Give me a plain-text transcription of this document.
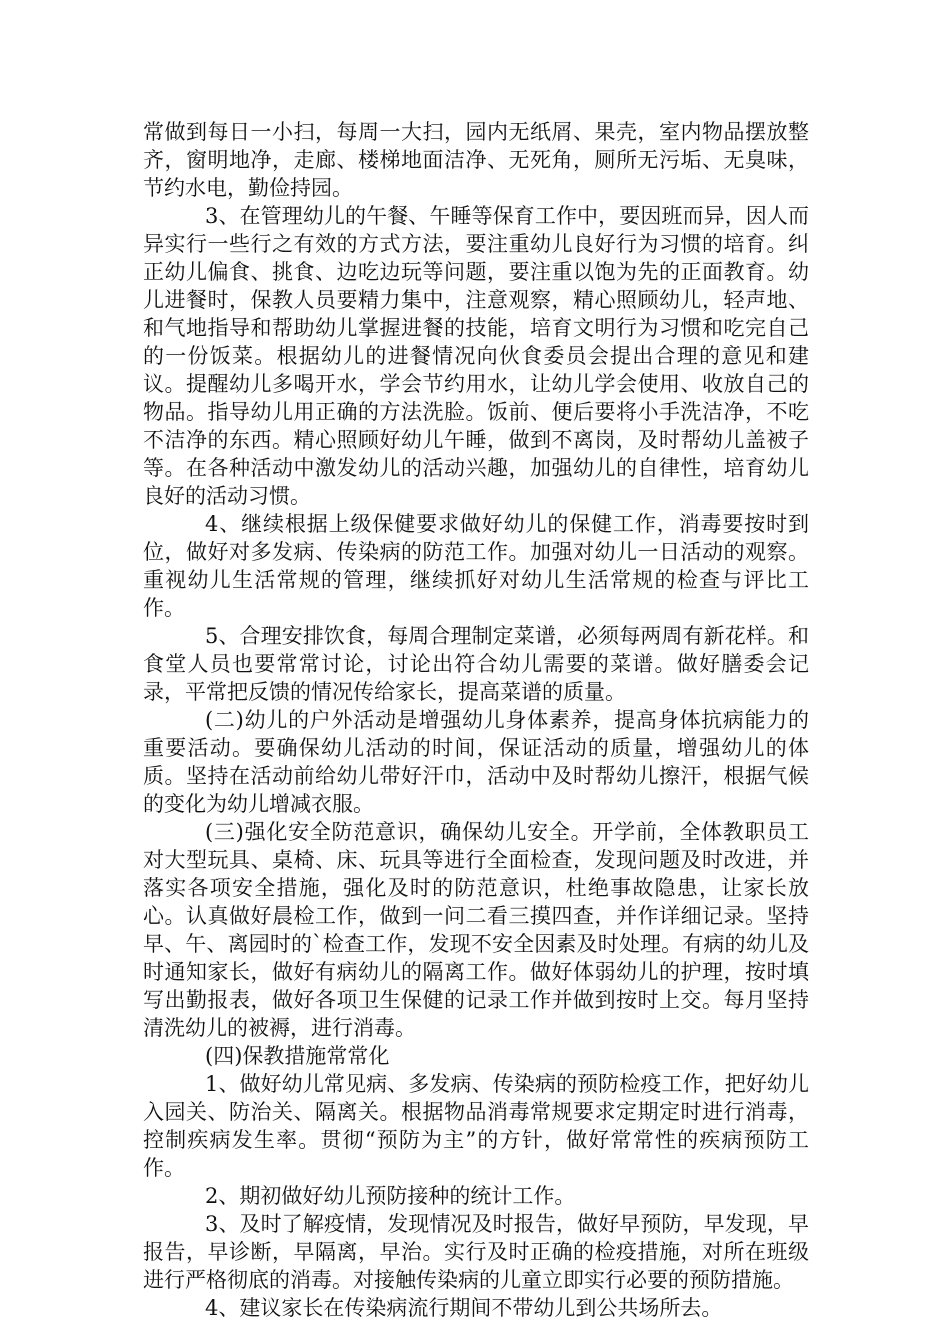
常做到每日一小扫，每周一大扫，园内无纸屑、果壳，室内物品摆放整齐，窗明地净，走廊、楼梯地面洁净、无死角，厕所无污垢、无臭味，节约水电，勤俭持园。

3、在管理幼儿的午餐、午睡等保育工作中，要因班而异，因人而异实行一些行之有效的方式方法，要注重幼儿良好行为习惯的培育。纠正幼儿偏食、挑食、边吃边玩等问题，要注重以饱为先的正面教育。幼儿进餐时，保教人员要精力集中，注意观察，精心照顾幼儿，轻声地、和气地指导和帮助幼儿掌握进餐的技能，培育文明行为习惯和吃完自己的一份饭菜。根据幼儿的进餐情况向伙食委员会提出合理的意见和建议。提醒幼儿多喝开水，学会节约用水，让幼儿学会使用、收放自己的物品。指导幼儿用正确的方法洗脸。饭前、便后要将小手洗洁净，不吃不洁净的东西。精心照顾好幼儿午睡，做到不离岗，及时帮幼儿盖被子等。在各种活动中激发幼儿的活动兴趣，加强幼儿的自律性，培育幼儿良好的活动习惯。

4、继续根据上级保健要求做好幼儿的保健工作，消毒要按时到位，做好对多发病、传染病的防范工作。加强对幼儿一日活动的观察。重视幼儿生活常规的管理，继续抓好对幼儿生活常规的检查与评比工作。

5、合理安排饮食，每周合理制定菜谱，必须每两周有新花样。和食堂人员也要常常讨论，讨论出符合幼儿需要的菜谱。做好膳委会记录，平常把反馈的情况传给家长，提高菜谱的质量。

(二)幼儿的户外活动是增强幼儿身体素养，提高身体抗病能力的重要活动。要确保幼儿活动的时间，保证活动的质量，增强幼儿的体质。坚持在活动前给幼儿带好汗巾，活动中及时帮幼儿擦汗，根据气候的变化为幼儿增减衣服。

(三)强化安全防范意识，确保幼儿安全。开学前，全体教职员工对大型玩具、桌椅、床、玩具等进行全面检查，发现问题及时改进，并落实各项安全措施，强化及时的防范意识，杜绝事故隐患，让家长放心。认真做好晨检工作，做到一问二看三摸四查，并作详细记录。坚持早、午、离园时的`检查工作，发现不安全因素及时处理。有病的幼儿及时通知家长，做好有病幼儿的隔离工作。做好体弱幼儿的护理，按时填写出勤报表，做好各项卫生保健的记录工作并做到按时上交。每月坚持清洗幼儿的被褥，进行消毒。

(四)保教措施常常化

1、做好幼儿常见病、多发病、传染病的预防检疫工作，把好幼儿入园关、防治关、隔离关。根据物品消毒常规要求定期定时进行消毒，控制疾病发生率。贯彻“预防为主”的方针，做好常常性的疾病预防工作。

2、期初做好幼儿预防接种的统计工作。

3、及时了解疫情，发现情况及时报告，做好早预防，早发现，早报告，早诊断，早隔离，早治。实行及时正确的检疫措施，对所在班级进行严格彻底的消毒。对接触传染病的儿童立即实行必要的预防措施。

4、建议家长在传染病流行期间不带幼儿到公共场所去。
